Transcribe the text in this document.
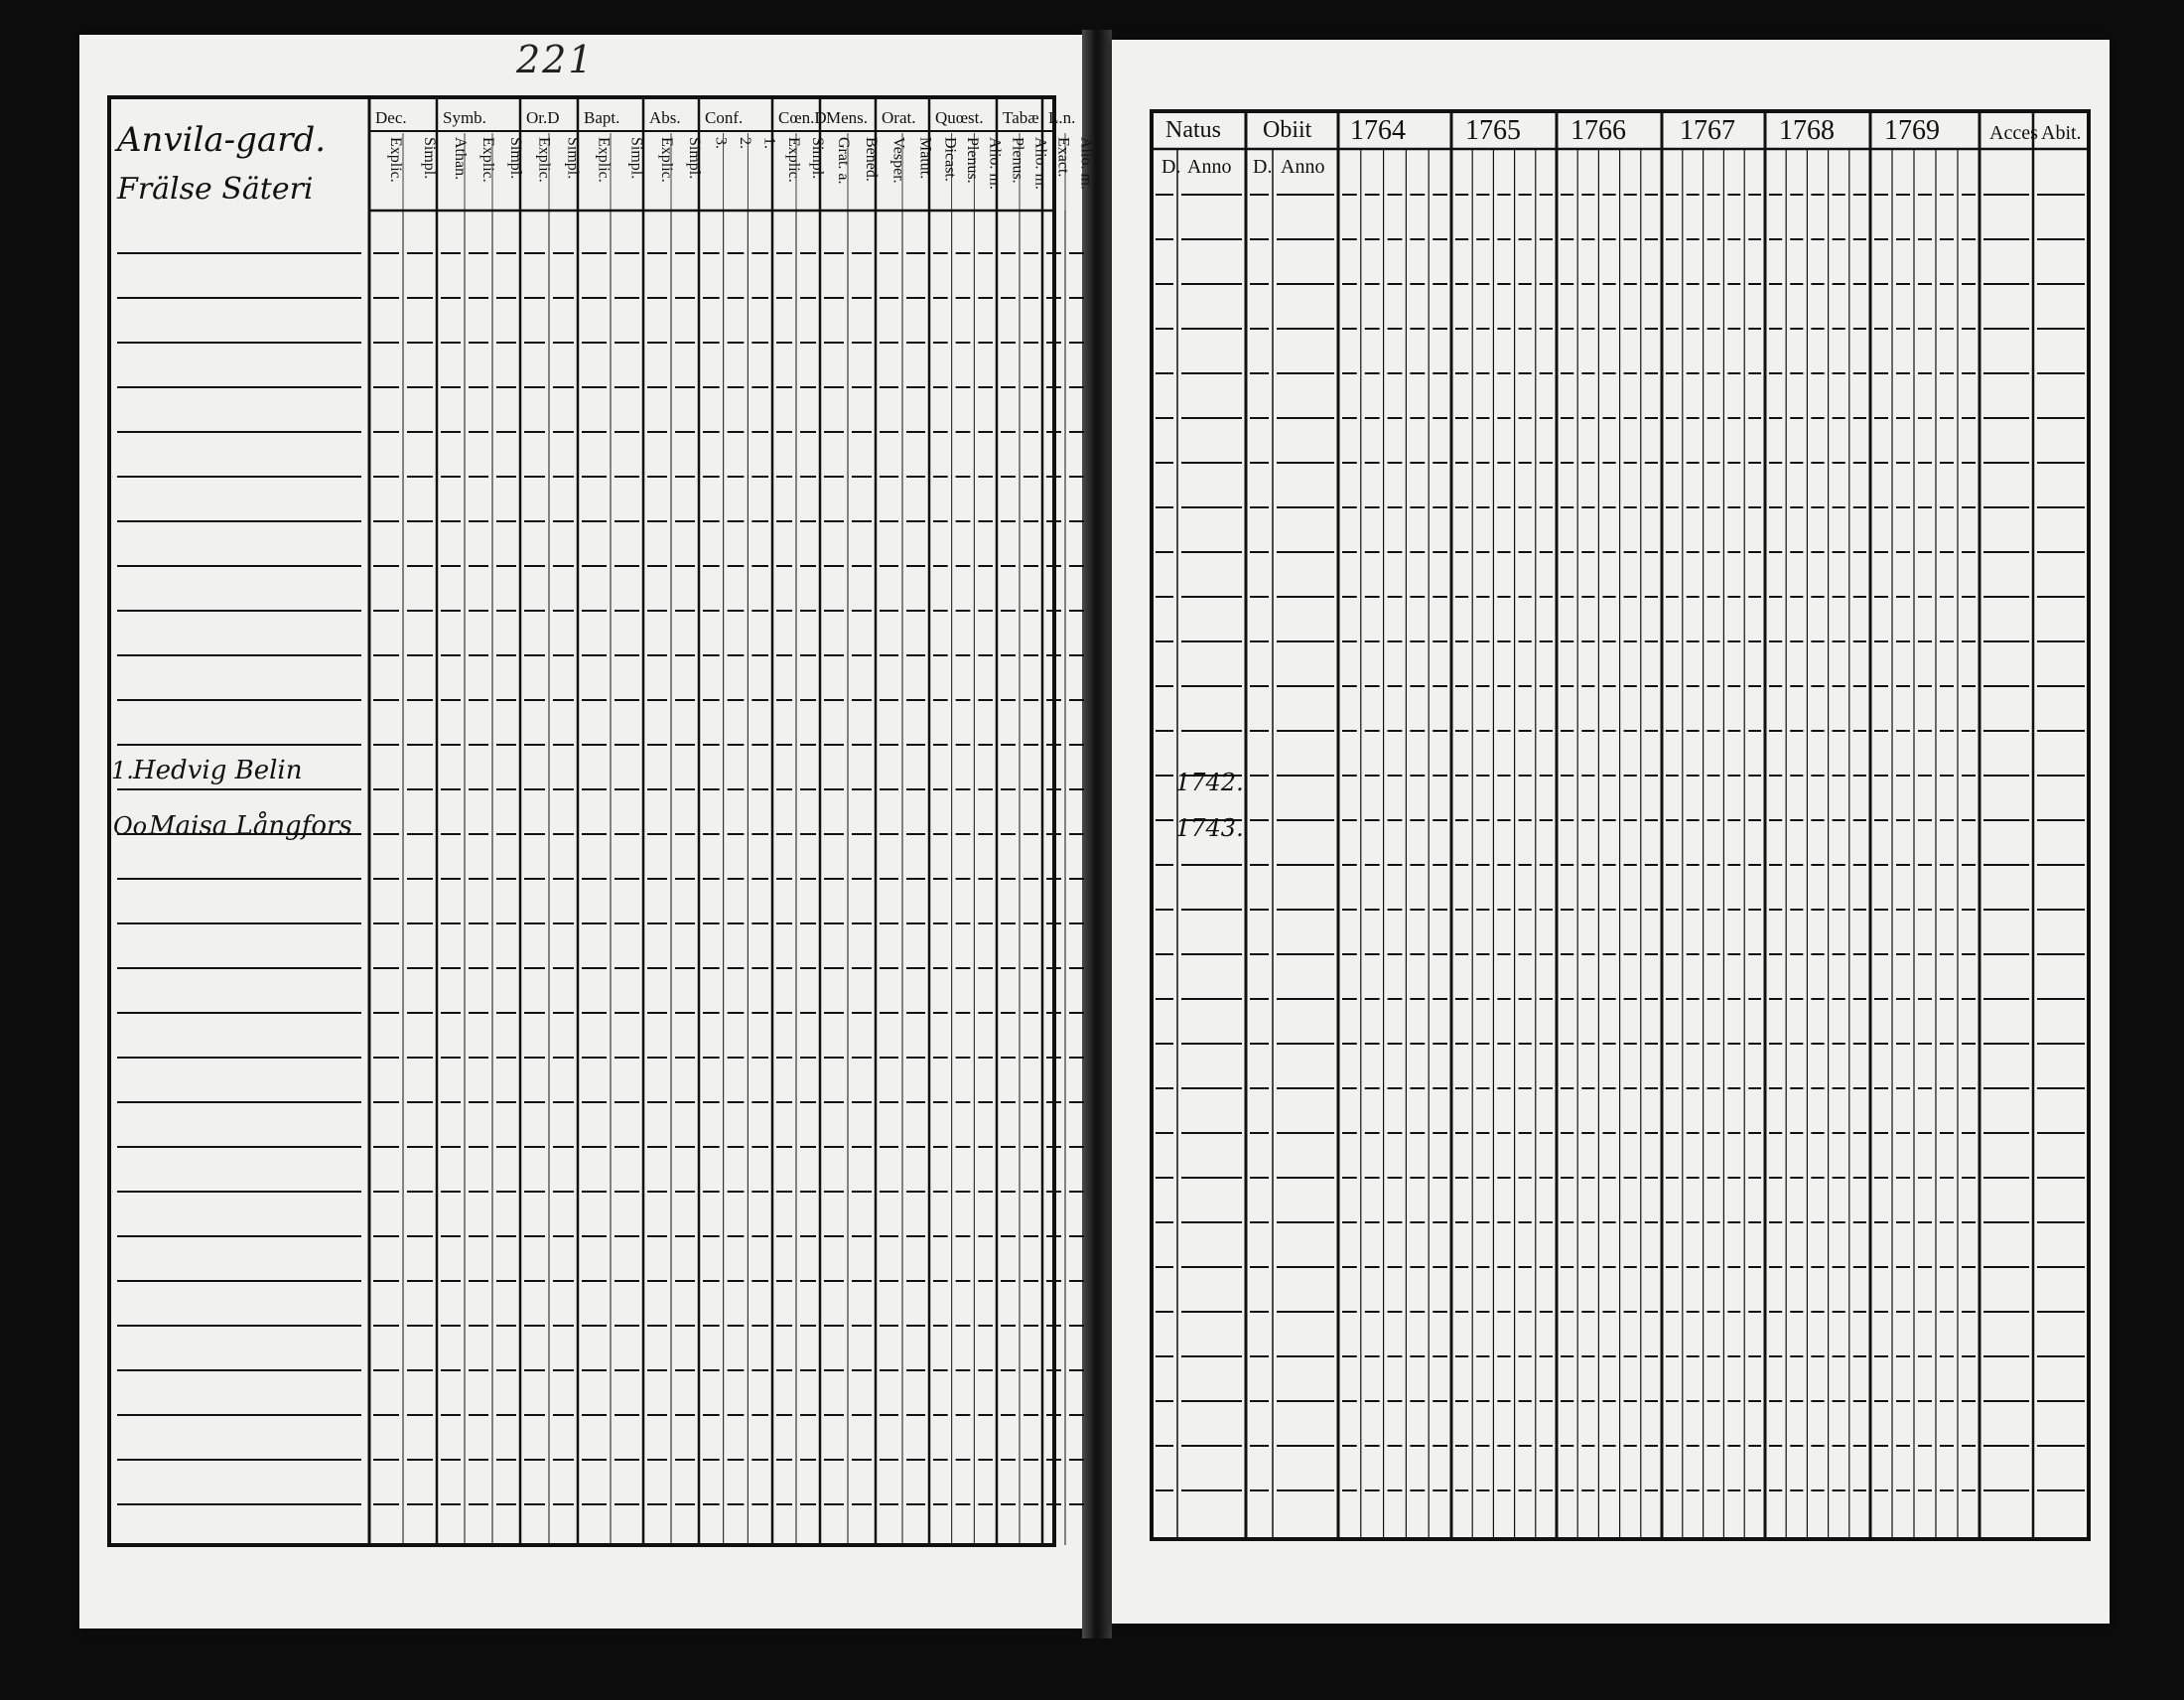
221
Dec.
Explic. Simpl.
Symb.
Athan. Explic. Simpl.
Or.D
Explic. Simpl.
Bapt.
Explic. Simpl.
Abs.
Explic. Simpl.
Conf.
3. 2. 1.
Cœn.D
Explic. Simpl.
Mens.
Grat. a. Bened.
Orat.
Vesper. Matut.
Quœst.
Dicast. Plenus. Alio. m.
Tabæ
Plenus. Alio. m.
L.n.
Exact. Alio. m.
Anvila-gard.
Frälse Säteri
1. Hedvig Belin
Oo Maisa Långfors
Natus Obiit
D. Anno D. Anno
1764 1765 1766 1767 1768 1769	Acces Abit.
1742.
1743.
